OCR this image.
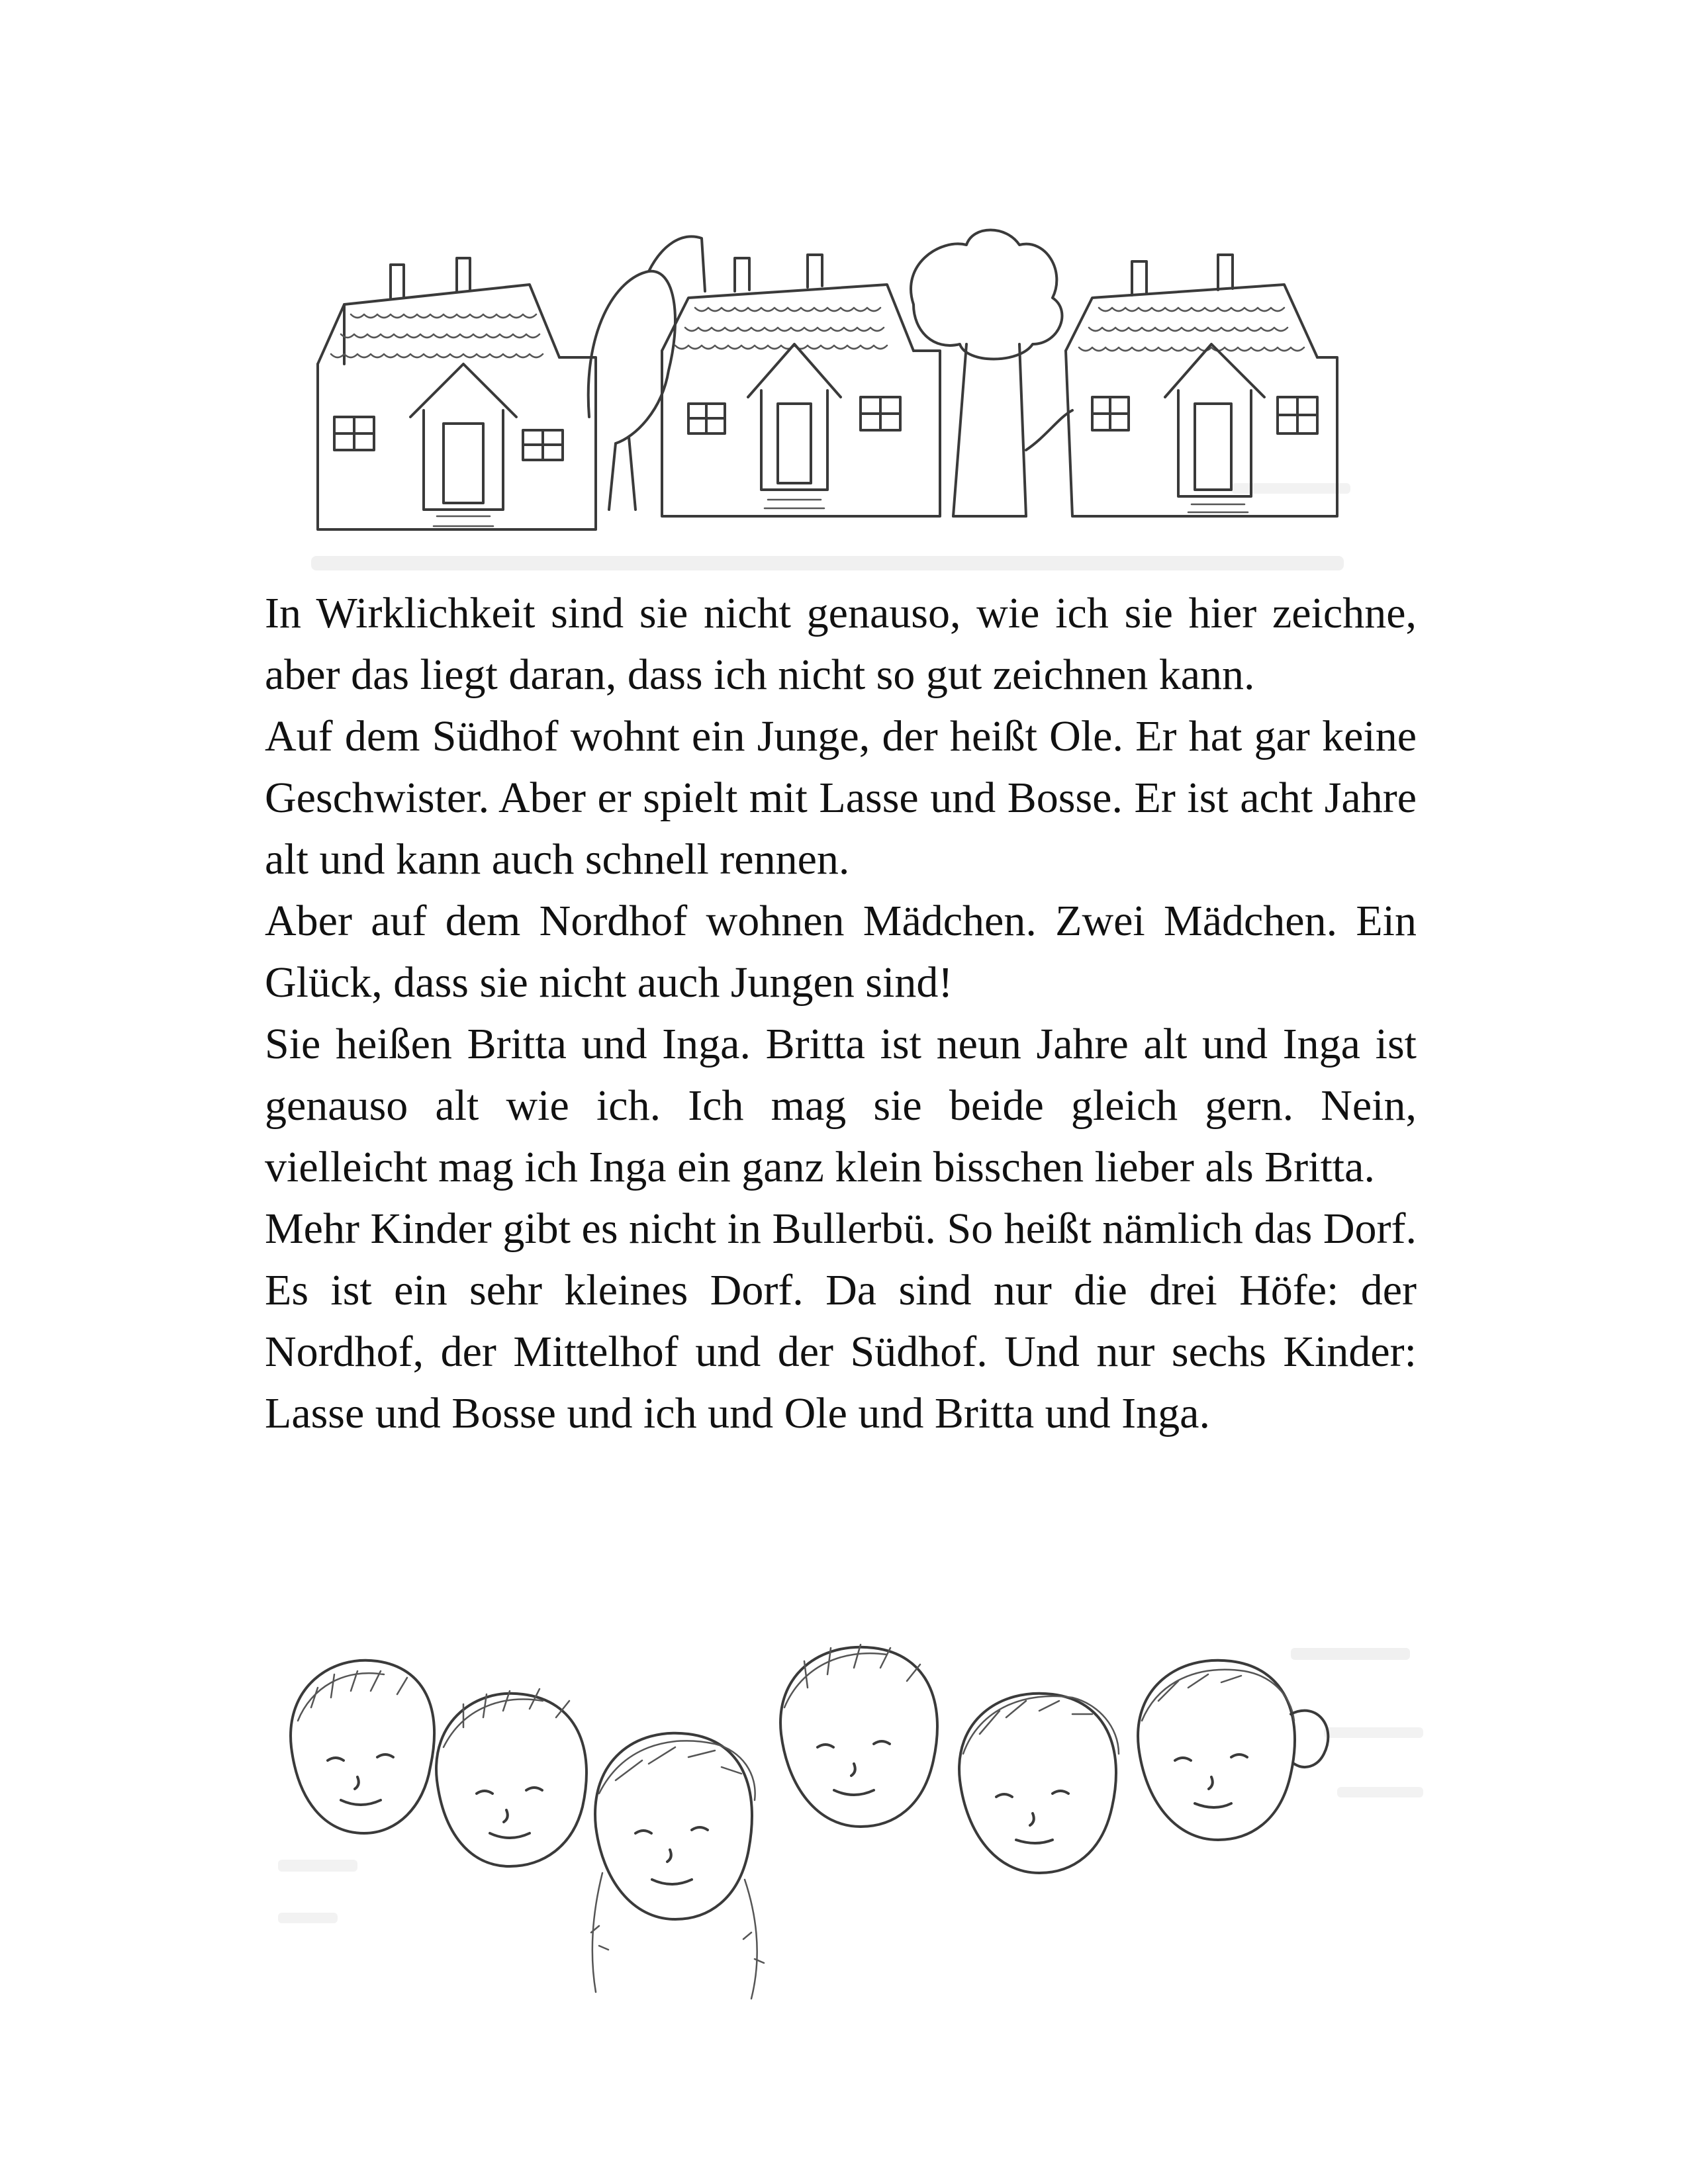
In Wirklichkeit sind sie nicht genauso, wie ich sie hier zeichne, aber das liegt daran, dass ich nicht so gut zeichnen kann.

Auf dem Südhof wohnt ein Junge, der heißt Ole. Er hat gar keine Geschwister. Aber er spielt mit Lasse und Bosse. Er ist acht Jahre alt und kann auch schnell rennen.

Aber auf dem Nordhof wohnen Mädchen. Zwei Mädchen. Ein Glück, dass sie nicht auch Jungen sind!

Sie heißen Britta und Inga. Britta ist neun Jahre alt und Inga ist genauso alt wie ich. Ich mag sie beide gleich gern. Nein, vielleicht mag ich Inga ein ganz klein bisschen lieber als Britta.

Mehr Kinder gibt es nicht in Bullerbü. So heißt nämlich das Dorf. Es ist ein sehr kleines Dorf. Da sind nur die drei Höfe: der Nordhof, der Mittelhof und der Südhof. Und nur sechs Kinder: Lasse und Bosse und ich und Ole und Britta und Inga.
